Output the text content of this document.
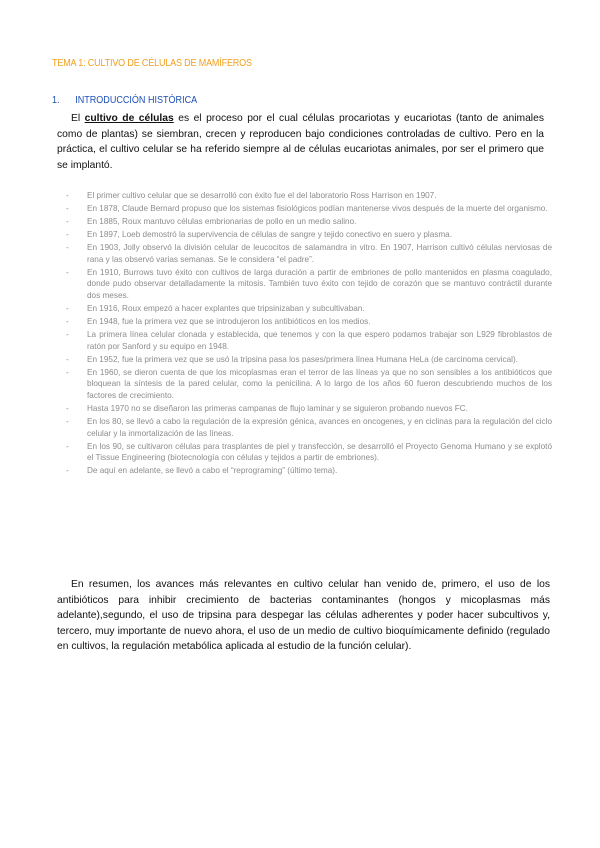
TEMA 1: CULTIVO DE CÉLULAS DE MAMÍFEROS
1. INTRODUCCIÓN HISTÓRICA

El cultivo de células es el proceso por el cual células procariotas y eucariotas (tanto de animales como de plantas) se siembran, crecen y reproducen bajo condiciones controladas de cultivo. Pero en la práctica, el cultivo celular se ha referido siempre al de células eucariotas animales, por ser el primero que se implantó.

- El primer cultivo celular que se desarrolló con éxito fue el del laboratorio Ross Harrison en 1907.
- En 1878, Claude Bernard propuso que los sistemas fisiológicos podían mantenerse vivos después de la muerte del organismo.
- En 1885, Roux mantuvo células embrionarias de pollo en un medio salino.
- En 1897, Loeb demostró la supervivencia de células de sangre y tejido conectivo en suero y plasma.
- En 1903, Jolly observó la división celular de leucocitos de salamandra in vitro. En 1907, Harrison cultivó células nerviosas de rana y las observó varias semanas. Se le considera “el padre”.
- En 1910, Burrows tuvo éxito con cultivos de larga duración a partir de embriones de pollo mantenidos en plasma coagulado, donde pudo observar detalladamente la mitosis. También tuvo éxito con tejido de corazón que se mantuvo contráctil durante dos meses.
- En 1916, Roux empezó a hacer explantes que tripsinizaban y subcultivaban.
- En 1948, fue la primera vez que se introdujeron los antibióticos en los medios.
- La primera línea celular clonada y establecida, que tenemos y con la que espero podamos trabajar son L929 fibroblastos de ratón por Sanford y su equipo en 1948.
- En 1952, fue la primera vez que se usó la tripsina pasa los pases/primera línea Humana HeLa (de carcinoma cervical).
- En 1960, se dieron cuenta de que los micoplasmas eran el terror de las líneas ya que no son sensibles a los antibióticos que bloquean la síntesis de la pared celular, como la penicilina. A lo largo de los años 60 fueron descubriendo muchos de los factores de crecimiento.
- Hasta 1970 no se diseñaron las primeras campanas de flujo laminar y se siguieron probando nuevos FC.
- En los 80, se llevó a cabo la regulación de la expresión génica, avances en oncogenes, y en ciclinas para la regulación del ciclo celular y la inmortalización de las líneas.
- En los 90, se cultivaron células para trasplantes de piel y transfección, se desarrolló el Proyecto Genoma Humano y se explotó el Tissue Engineering (biotecnología con células y tejidos a partir de embriones).
- De aquí en adelante, se llevó a cabo el “reprograming” (último tema).

En resumen, los avances más relevantes en cultivo celular han venido de, primero, el uso de los antibióticos para inhibir crecimiento de bacterias contaminantes (hongos y micoplasmas más adelante),segundo, el uso de tripsina para despegar las células adherentes y poder hacer subcultivos y, tercero, muy importante de nuevo ahora, el uso de un medio de cultivo bioquímicamente definido (regulado en cultivos, la regulación metabólica aplicada al estudio de la función celular).
